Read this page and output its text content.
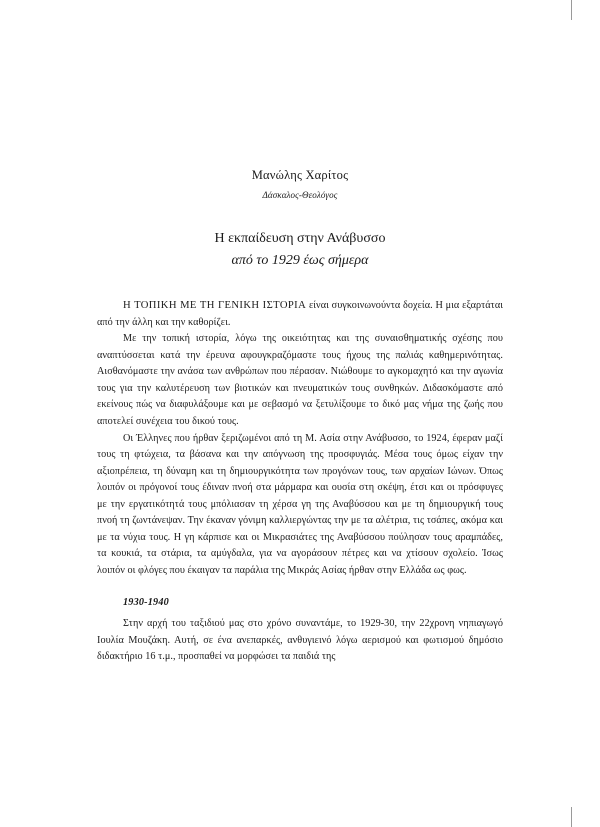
Μανώλης Χαρίτος
Δάσκαλος-Θεολόγος
Η εκπαίδευση στην Ανάβυσσο
από το 1929 έως σήμερα

Η ΤΟΠΙΚΗ ΜΕ ΤΗ ΓΕΝΙΚΗ ΙΣΤΟΡΙΑ είναι συγκοινωνούντα δοχεία. Η μια εξαρτάται από την άλλη και την καθορίζει.

Με την τοπική ιστορία, λόγω της οικειότητας και της συναισθηματικής σχέσης που αναπτύσσεται κατά την έρευνα αφουγκραζόμαστε τους ήχους της παλιάς καθημερινότητας. Αισθανόμαστε την ανάσα των ανθρώπων που πέρασαν. Νιώθουμε το αγκομαχητό και την αγωνία τους για την καλυτέρευση των βιοτικών και πνευματικών τους συνθηκών. Διδασκόμαστε από εκείνους πώς να διαφυλάξουμε και με σεβασμό να ξετυλίξουμε το δικό μας νήμα της ζωής που αποτελεί συνέχεια του δικού τους.

Οι Έλληνες που ήρθαν ξεριζωμένοι από τη Μ. Ασία στην Ανάβυσσο, το 1924, έφεραν μαζί τους τη φτώχεια, τα βάσανα και την απόγνωση της προσφυγιάς. Μέσα τους όμως είχαν την αξιοπρέπεια, τη δύναμη και τη δημιουργικότητα των προγόνων τους, των αρχαίων Ιώνων. Όπως λοιπόν οι πρόγονοί τους έδιναν πνοή στα μάρμαρα και ουσία στη σκέψη, έτσι και οι πρόσφυγες με την εργατικότητά τους μπόλιασαν τη χέρσα γη της Αναβύσσου και με τη δημιουργική τους πνοή τη ζωντάνεψαν. Την έκαναν γόνιμη καλλιεργώντας την με τα αλέτρια, τις τσάπες, ακόμα και με τα νύχια τους. Η γη κάρπισε και οι Μικρασιάτες της Αναβύσσου πούλησαν τους αραμπάδες, τα κουκιά, τα στάρια, τα αμύγδαλα, για να αγοράσουν πέτρες και να χτίσουν σχολείο. Ίσως λοιπόν οι φλόγες που έκαιγαν τα παράλια της Μικράς Ασίας ήρθαν στην Ελλάδα ως φως.

1930-1940

Στην αρχή του ταξιδιού μας στο χρόνο συναντάμε, το 1929-30, την 22χρονη νηπιαγωγό Ιουλία Μουζάκη. Αυτή, σε ένα ανεπαρκές, ανθυγιεινό λόγω αερισμού και φωτισμού δημόσιο διδακτήριο 16 τ.μ., προσπαθεί να μορφώσει τα παιδιά της
